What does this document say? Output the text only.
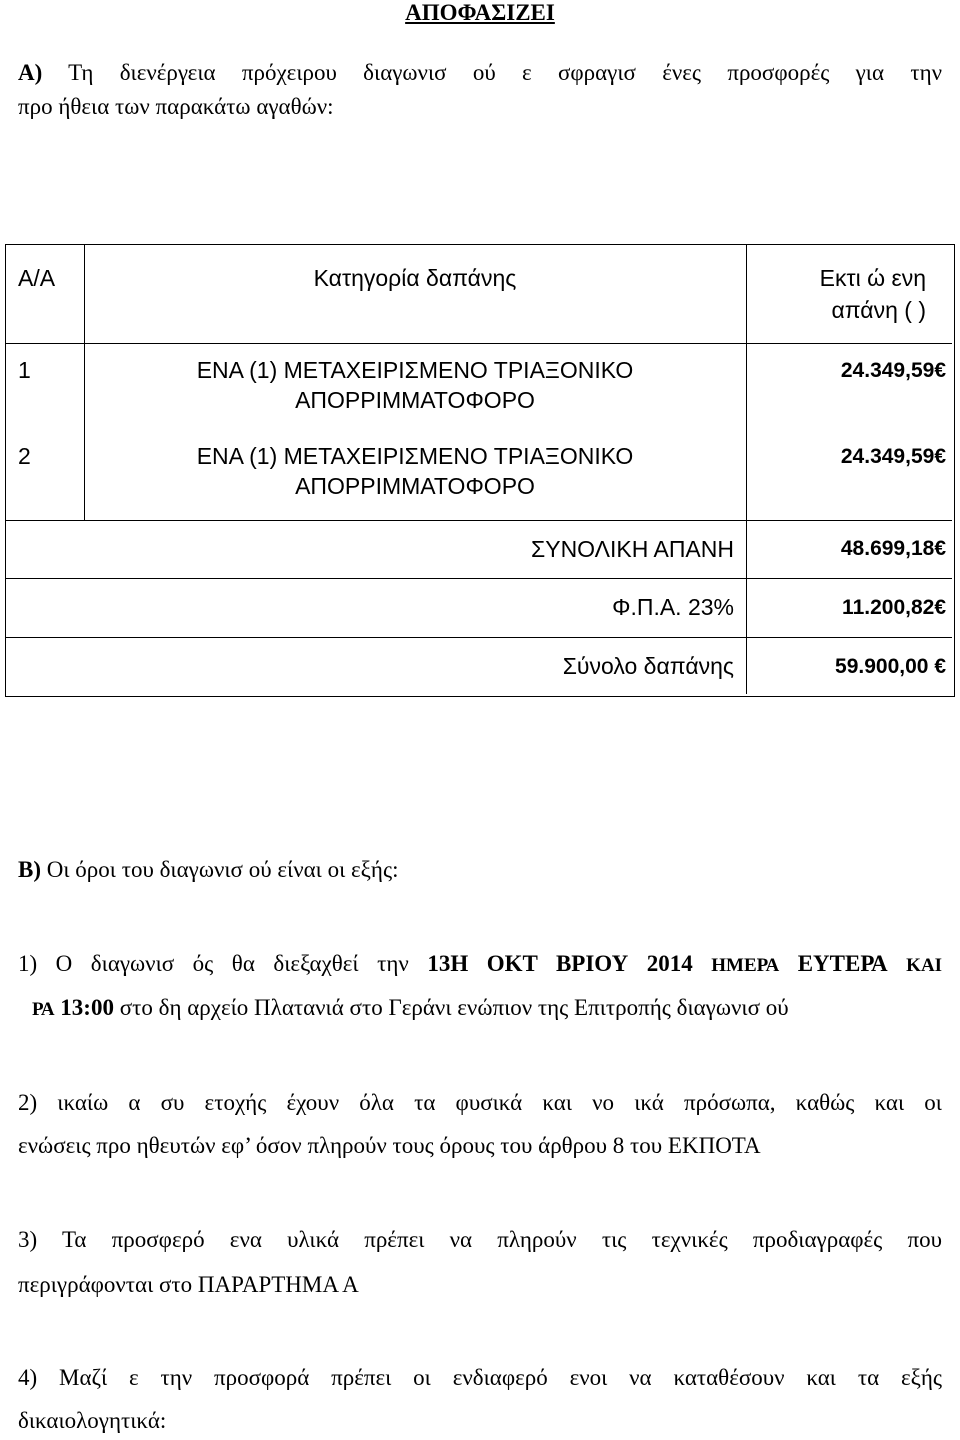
ΑΠΟΦΑΣΙΖΕΙ
Α) Τη διενέργεια πρόχειρου διαγωνισ ού ε σφραγισ ένες προσφορές για την
προ ήθεια των παρακάτω αγαθών:
Α/Α	Κατηγορία δαπάνης	Εκτι ώ ενη
απάνη ( )
1	ΕΝΑ (1) ΜΕΤΑΧΕΙΡΙΣΜΕΝΟ ΤΡΙΑΞΟΝΙΚΟ
ΑΠΟΡΡΙΜΜΑΤΟΦΟΡΟ
24.349,59€
2	ΕΝΑ (1) ΜΕΤΑΧΕΙΡΙΣΜΕΝΟ ΤΡΙΑΞΟΝΙΚΟ
ΑΠΟΡΡΙΜΜΑΤΟΦΟΡΟ
24.349,59€
ΣΥΝΟΛΙΚΗ ΑΠΑΝΗ	48.699,18€
Φ.Π.Α. 23%	11.200,82€
Σύνολο δαπάνης	59.900,00 €
Β) Οι όροι του διαγωνισ ού είναι οι εξής:
1) Ο διαγωνισ ός θα διεξαχθεί την 13Η ΟΚΤ ΒΡΙΟΥ 2014 ΗΜΕΡΑ ΕΥΤΕΡΑ ΚΑΙ
ΡΑ 13:00 στο δη αρχείο Πλατανιά στο Γεράνι ενώπιον της Επιτροπής διαγωνισ ού
2) ικαίω α συ ετοχής έχουν όλα τα φυσικά και νο ικά πρόσωπα, καθώς και οι
ενώσεις προ ηθευτών εφ’ όσον πληρούν τους όρους του άρθρου 8 του ΕΚΠΟΤΑ
3) Τα προσφερό ενα υλικά πρέπει να πληρούν τις τεχνικές προδιαγραφές που
περιγράφονται στο ΠΑΡΑΡΤΗΜΑ Α
4) Μαζί ε την προσφορά πρέπει οι ενδιαφερό ενοι να καταθέσουν και τα εξής
δικαιολογητικά:
